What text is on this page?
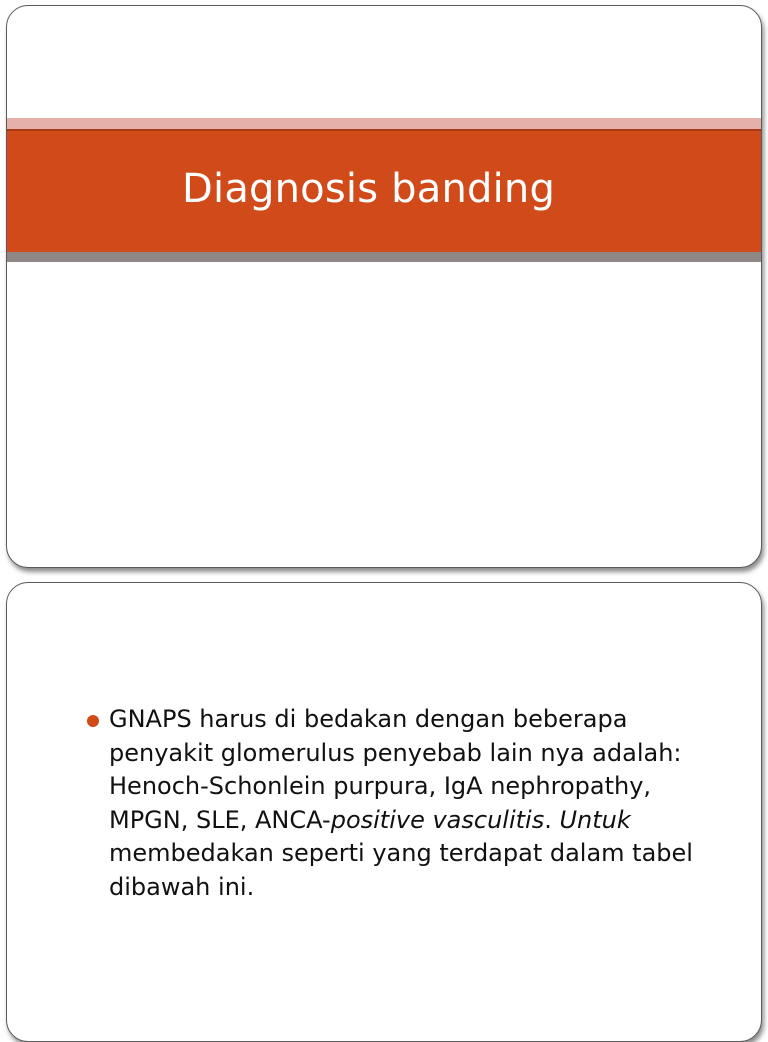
Diagnosis banding

GNAPS harus di bedakan dengan beberapa penyakit glomerulus penyebab lain nya adalah: Henoch-Schonlein purpura, IgA nephropathy, MPGN, SLE, ANCA-positive vasculitis. Untuk membedakan seperti yang terdapat dalam tabel dibawah ini.
